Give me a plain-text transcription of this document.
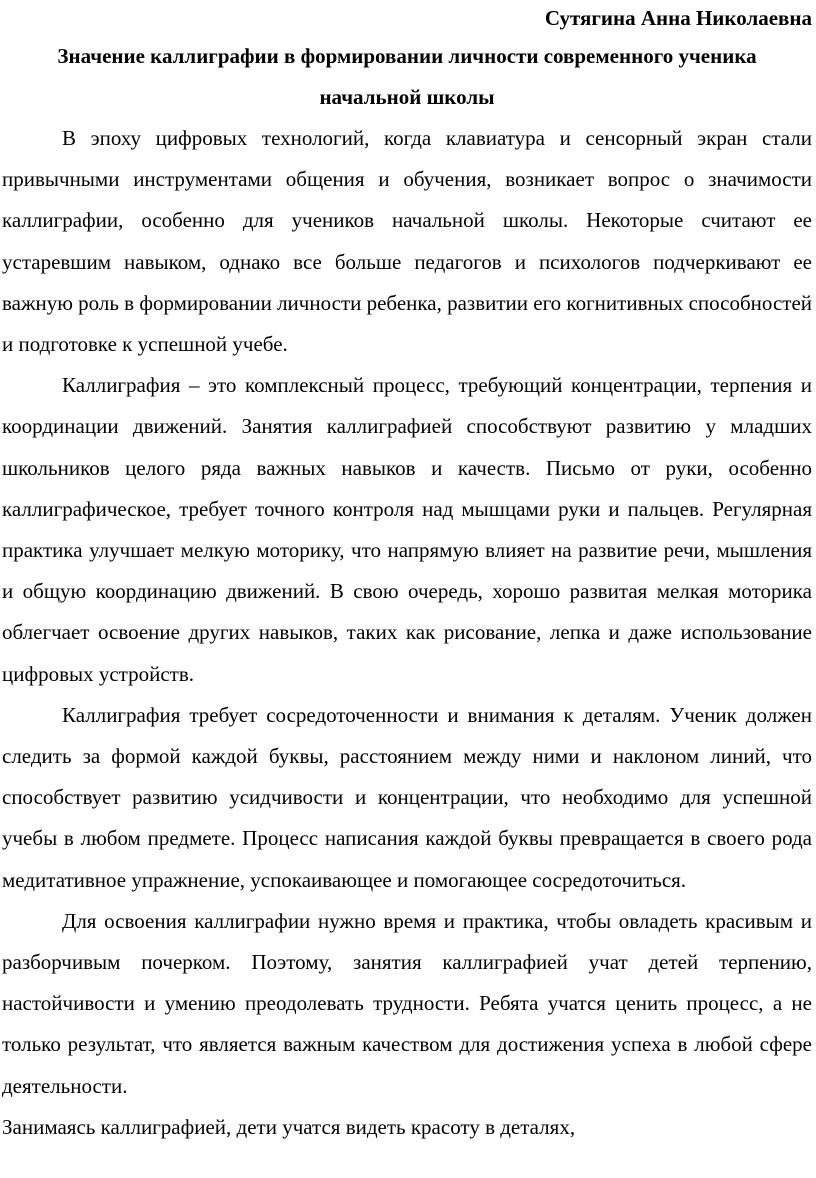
Сутягина Анна Николаевна

Значение каллиграфии в формировании личности современного ученика начальной школы

В эпоху цифровых технологий, когда клавиатура и сенсорный экран стали привычными инструментами общения и обучения, возникает вопрос о значимости каллиграфии, особенно для учеников начальной школы. Некоторые считают ее устаревшим навыком, однако все больше педагогов и психологов подчеркивают ее важную роль в формировании личности ребенка, развитии его когнитивных способностей и подготовке к успешной учебе.

Каллиграфия – это комплексный процесс, требующий концентрации, терпения и координации движений. Занятия каллиграфией способствуют развитию у младших школьников целого ряда важных навыков и качеств. Письмо от руки, особенно каллиграфическое, требует точного контроля над мышцами руки и пальцев. Регулярная практика улучшает мелкую моторику, что напрямую влияет на развитие речи, мышления и общую координацию движений. В свою очередь, хорошо развитая мелкая моторика облегчает освоение других навыков, таких как рисование, лепка и даже использование цифровых устройств.

Каллиграфия требует сосредоточенности и внимания к деталям. Ученик должен следить за формой каждой буквы, расстоянием между ними и наклоном линий, что способствует развитию усидчивости и концентрации, что необходимо для успешной учебы в любом предмете. Процесс написания каждой буквы превращается в своего рода медитативное упражнение, успокаивающее и помогающее сосредоточиться.

Для освоения каллиграфии нужно время и практика, чтобы овладеть красивым и разборчивым почерком. Поэтому, занятия каллиграфией учат детей терпению, настойчивости и умению преодолевать трудности. Ребята учатся ценить процесс, а не только результат, что является важным качеством для достижения успеха в любой сфере деятельности.

Занимаясь каллиграфией, дети учатся видеть красоту в деталях,
